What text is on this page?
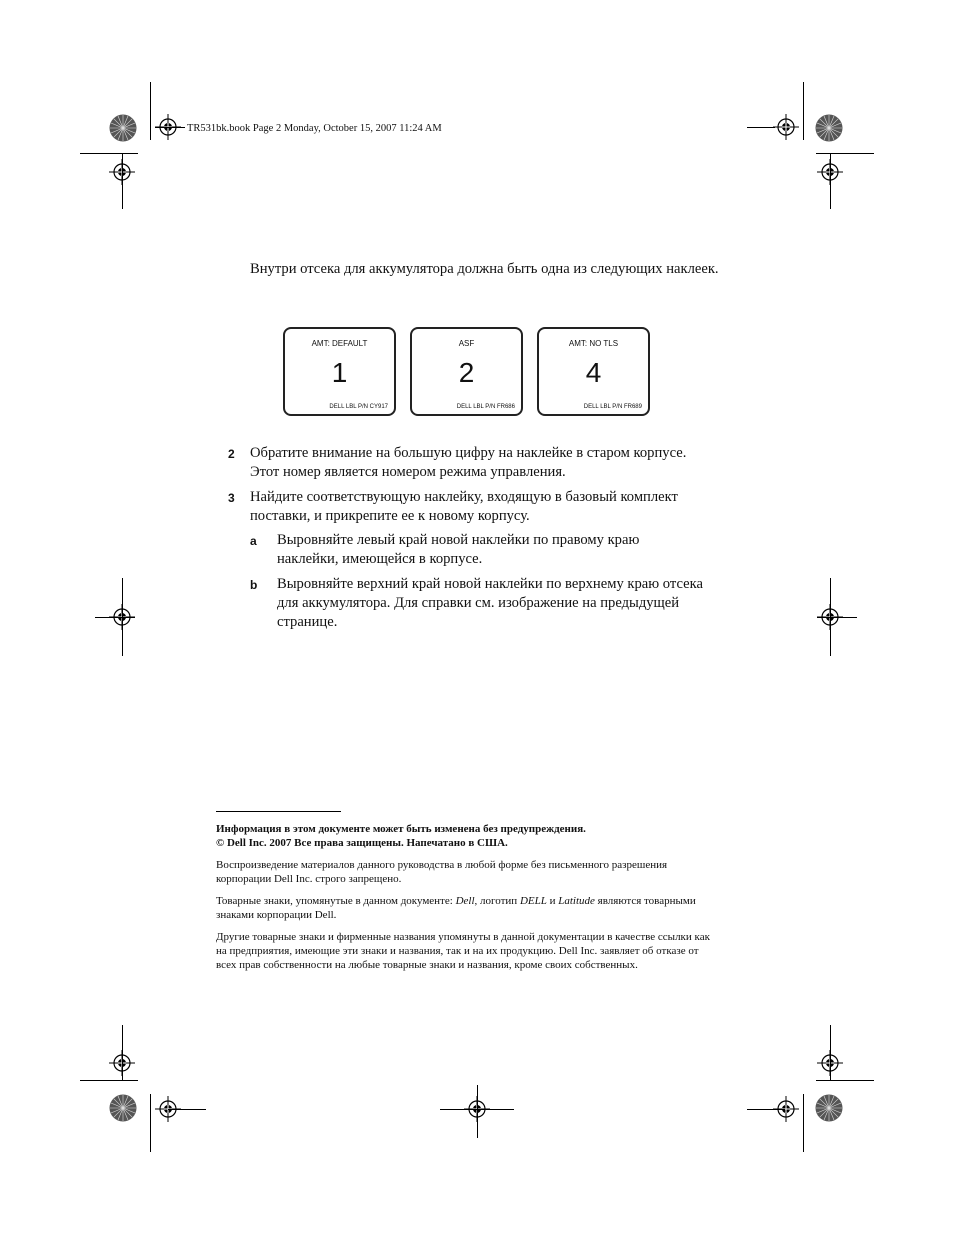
TR531bk.book Page 2 Monday, October 15, 2007 11:24 AM
Внутри отсека для аккумулятора должна быть одна из следующих наклеек.
AMT: DEFAULT
1
DELL LBL P/N CY917
ASF
2
DELL LBL P/N FR686
AMT: NO TLS
4
DELL LBL P/N FR689
2 Обратите внимание на большую цифру на наклейке в старом корпусе. Этот номер является номером режима управления.
3 Найдите соответствующую наклейку, входящую в базовый комплект поставки, и прикрепите ее к новому корпусу.
a Выровняйте левый край новой наклейки по правому краю наклейки, имеющейся в корпусе.
b Выровняйте верхний край новой наклейки по верхнему краю отсека для аккумулятора. Для справки см. изображение на предыдущей странице.
Информация в этом документе может быть изменена без предупреждения.
© Dell Inc. 2007 Все права защищены. Напечатано в США.
Воспроизведение материалов данного руководства в любой форме без письменного разрешения корпорации Dell Inc. строго запрещено.
Товарные знаки, упомянутые в данном документе: Dell, логотип DELL и Latitude являются товарными знаками корпорации Dell.
Другие товарные знаки и фирменные названия упомянуты в данной документации в качестве ссылки как на предприятия, имеющие эти знаки и названия, так и на их продукцию. Dell Inc. заявляет об отказе от всех прав собственности на любые товарные знаки и названия, кроме своих собственных.
